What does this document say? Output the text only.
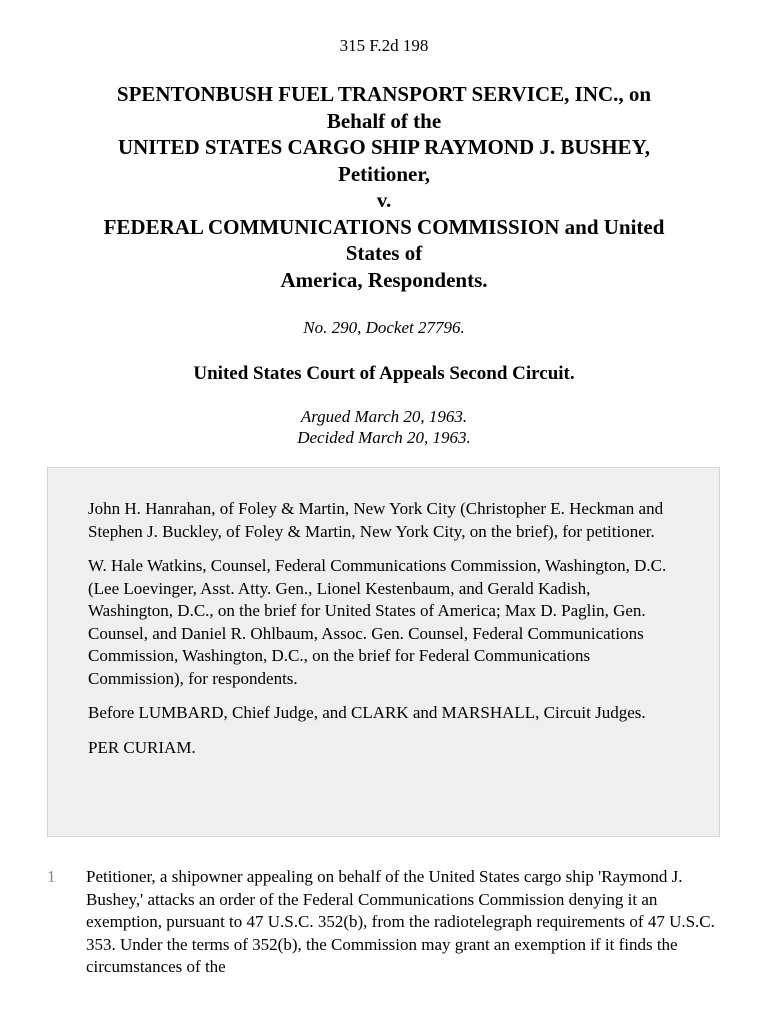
315 F.2d 198
SPENTONBUSH FUEL TRANSPORT SERVICE, INC., on
Behalf of the
UNITED STATES CARGO SHIP RAYMOND J. BUSHEY,
Petitioner,
v.
FEDERAL COMMUNICATIONS COMMISSION and United
States of
America, Respondents.
No. 290, Docket 27796.
United States Court of Appeals Second Circuit.
Argued March 20, 1963.
Decided March 20, 1963.

John H. Hanrahan, of Foley & Martin, New York City (Christopher E. Heckman and Stephen J. Buckley, of Foley & Martin, New York City, on the brief), for petitioner.

W. Hale Watkins, Counsel, Federal Communications Commission, Washington, D.C. (Lee Loevinger, Asst. Atty. Gen., Lionel Kestenbaum, and Gerald Kadish, Washington, D.C., on the brief for United States of America; Max D. Paglin, Gen. Counsel, and Daniel R. Ohlbaum, Assoc. Gen. Counsel, Federal Communications Commission, Washington, D.C., on the brief for Federal Communications Commission), for respondents.

Before LUMBARD, Chief Judge, and CLARK and MARSHALL, Circuit Judges.

PER CURIAM.

1 Petitioner, a shipowner appealing on behalf of the United States cargo ship 'Raymond J. Bushey,' attacks an order of the Federal Communications Commission denying it an exemption, pursuant to 47 U.S.C. 352(b), from the radiotelegraph requirements of 47 U.S.C. 353. Under the terms of 352(b), the Commission may grant an exemption if it finds the circumstances of the
